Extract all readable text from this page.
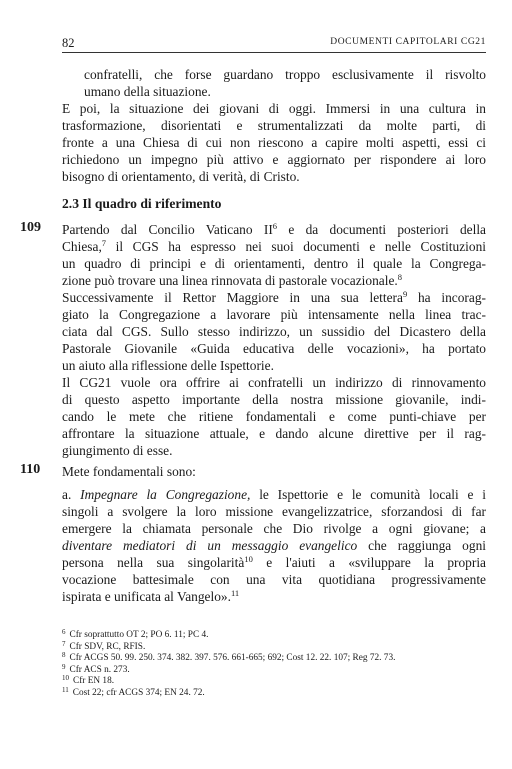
82	DOCUMENTI CAPITOLARI CG21
confratelli, che forse guardano troppo esclusivamente il risvolto
umano della situazione.
E poi, la situazione dei giovani di oggi. Immersi in una cultura in
trasformazione, disorientati e strumentalizzati da molte parti, di
fronte a una Chiesa di cui non riescono a capire molti aspetti, essi ci
richiedono un impegno più attivo e aggiornato per rispondere ai loro
bisogno di orientamento, di verità, di Cristo.
2.3 Il quadro di riferimento
109 Partendo dal Concilio Vaticano $II^6$ e da documenti posteriori della
Chiesa,$^7$ il CGS ha espresso nei suoi documenti e nelle Costituzioni
un quadro di principi e di orientamenti, dentro il quale la Congrega-
zione può trovare una linea rinnovata di pastorale vocazionale.$^8$
Successivamente il Rettor Maggiore in una sua lettera$^9$ ha incorag-
giato la Congregazione a lavorare più intensamente nella linea trac-
ciata dal CGS. Sullo stesso indirizzo, un sussidio del Dicastero della
Pastorale Giovanile «Guida educativa delle vocazioni», ha portato
un aiuto alla riflessione delle Ispettorie.
Il CG21 vuole ora offrire ai confratelli un indirizzo di rinnovamento
di questo aspetto importante della nostra missione giovanile, indi-
cando le mete che ritiene fondamentali e come punti-chiave per
affrontare la situazione attuale, e dando alcune direttive per il rag-
giungimento di esse.
110 Mete fondamentali sono:
a. Impegnare la Congregazione, le Ispettorie e le comunità locali e i
singoli a svolgere la loro missione evangelizzatrice, sforzandosi di far
emergere la chiamata personale che Dio rivolge a ogni giovane; a
diventare mediatori di un messaggio evangelico che raggiunga ogni
persona nella sua singolarità$^{10}$ e l'aiuti a «sviluppare la propria
vocazione battesimale con una vita quotidiana progressivamente
ispirata e unificata al Vangelo».$^{11}$
$^6$ Cfr soprattutto OT 2; PO 6. 11; PC 4.
$^7$ Cfr SDV, RC, RFIS.
$^8$ Cfr ACGS 50. 99. 250. 374. 382. 397. 576. 661-665; 692; Cost 12. 22. 107; Reg 72. 73.
$^9$ Cfr ACS n. 273.
$^{10}$ Cfr EN 18.
$^{11}$ Cost 22; cfr ACGS 374; EN 24. 72.
